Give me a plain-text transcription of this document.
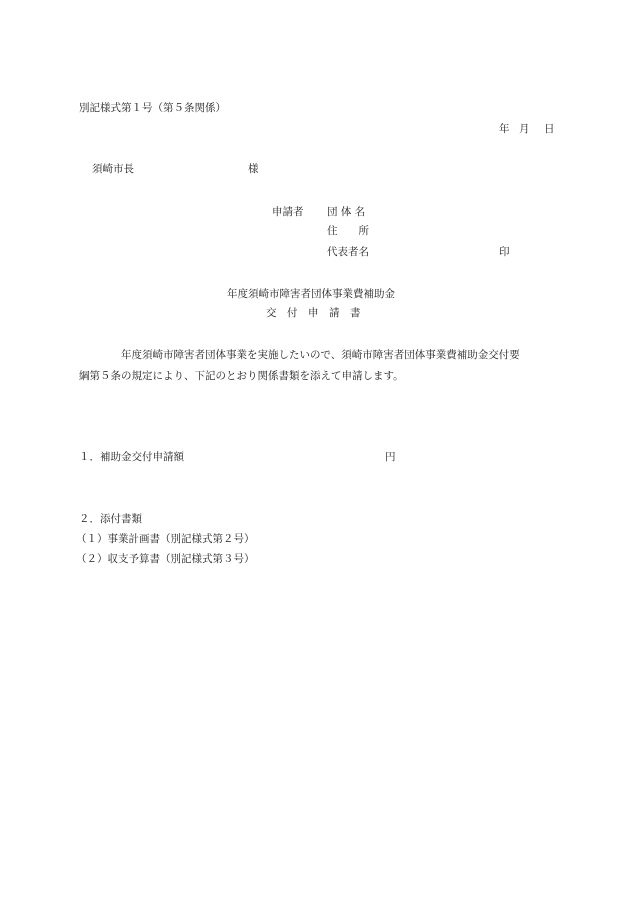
別記様式第１号（第５条関係）
年 月 日
須崎市長	様
申請者 団 体 名
住　　所
代表者名	印
年度須崎市障害者団体事業費補助金
交　付　申　請　書
年度須崎市障害者団体事業を実施したいので、須崎市障害者団体事業費補助金交付要
綱第５条の規定により、下記のとおり関係書類を添えて申請します。
１．補助金交付申請額	円
２．添付書類
（１）事業計画書（別記様式第２号）
（２）収支予算書（別記様式第３号）
